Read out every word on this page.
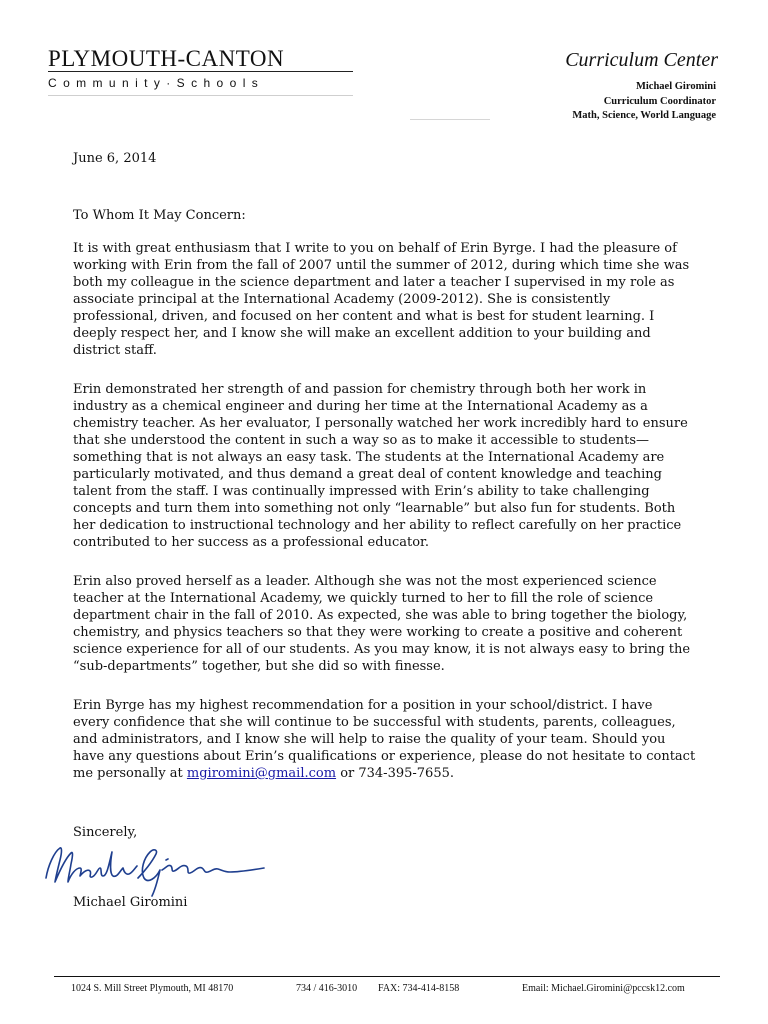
PLYMOUTH-CANTON
Community·Schools
Curriculum Center
Michael Giromini
Curriculum Coordinator
Math, Science, World Language

June 6, 2014

To Whom It May Concern:

It is with great enthusiasm that I write to you on behalf of Erin Byrge. I had the pleasure of

working with Erin from the fall of 2007 until the summer of 2012, during which time she was

both my colleague in the science department and later a teacher I supervised in my role as

associate principal at the International Academy (2009-2012). She is consistently

professional, driven, and focused on her content and what is best for student learning. I

deeply respect her, and I know she will make an excellent addition to your building and

district staff.

Erin demonstrated her strength of and passion for chemistry through both her work in

industry as a chemical engineer and during her time at the International Academy as a

chemistry teacher. As her evaluator, I personally watched her work incredibly hard to ensure

that she understood the content in such a way so as to make it accessible to students—

something that is not always an easy task. The students at the International Academy are

particularly motivated, and thus demand a great deal of content knowledge and teaching

talent from the staff. I was continually impressed with Erin’s ability to take challenging

concepts and turn them into something not only “learnable” but also fun for students. Both

her dedication to instructional technology and her ability to reflect carefully on her practice

contributed to her success as a professional educator.

Erin also proved herself as a leader. Although she was not the most experienced science

teacher at the International Academy, we quickly turned to her to fill the role of science

department chair in the fall of 2010. As expected, she was able to bring together the biology,

chemistry, and physics teachers so that they were working to create a positive and coherent

science experience for all of our students. As you may know, it is not always easy to bring the

“sub-departments” together, but she did so with finesse.

Erin Byrge has my highest recommendation for a position in your school/district. I have

every confidence that she will continue to be successful with students, parents, colleagues,

and administrators, and I know she will help to raise the quality of your team. Should you

have any questions about Erin’s qualifications or experience, please do not hesitate to contact

me personally at mgiromini@gmail.com or 734-395-7655.

Sincerely,

Michael Giromini

1024 S. Mill Street Plymouth, MI 48170	734 / 416-3010 FAX: 734-414-8158	Email: Michael.Giromini@pccsk12.com
